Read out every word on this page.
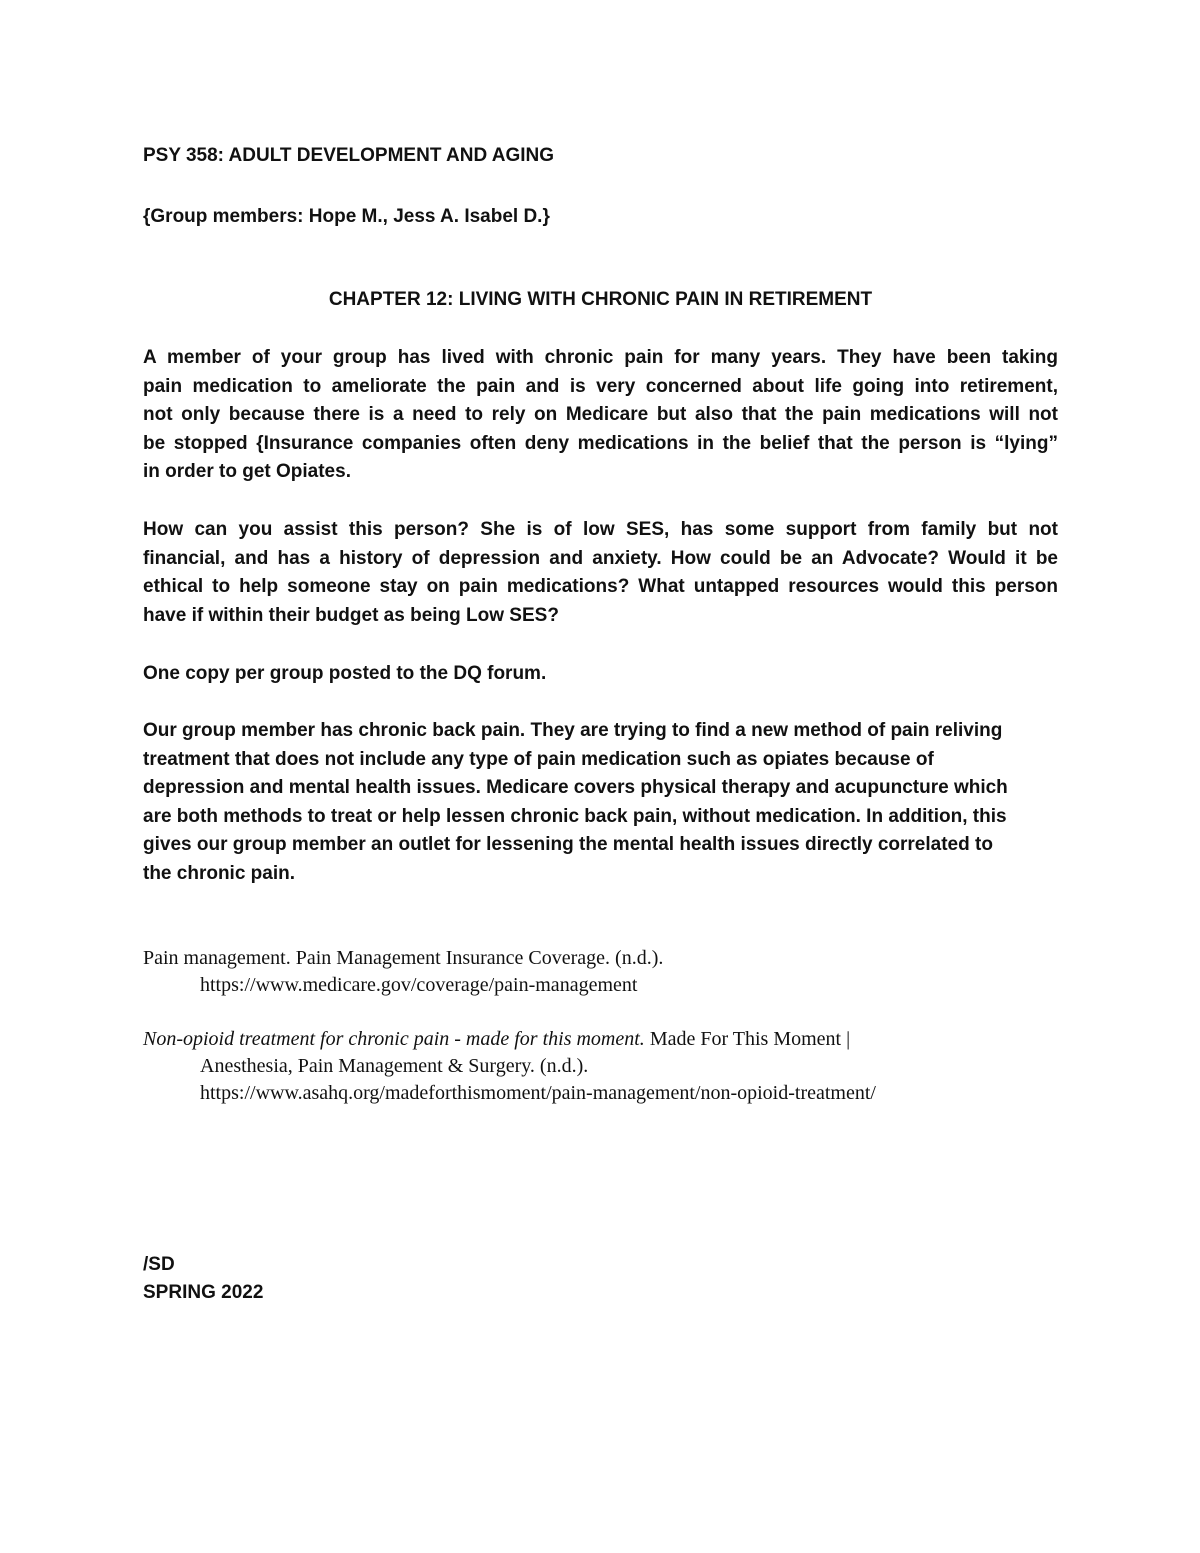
PSY 358: ADULT DEVELOPMENT AND AGING
{Group members: Hope M., Jess A. Isabel D.}
CHAPTER 12: LIVING WITH CHRONIC PAIN IN RETIREMENT
A member of your group has lived with chronic pain for many years. They have been taking
pain medication to ameliorate the pain and is very concerned about life going into retirement,
not only because there is a need to rely on Medicare but also that the pain medications will not
be stopped {Insurance companies often deny medications in the belief that the person is “lying”
in order to get Opiates.
How can you assist this person? She is of low SES, has some support from family but not
financial, and has a history of depression and anxiety. How could be an Advocate? Would it be
ethical to help someone stay on pain medications? What untapped resources would this person
have if within their budget as being Low SES?
One copy per group posted to the DQ forum.
Our group member has chronic back pain. They are trying to find a new method of pain reliving
treatment that does not include any type of pain medication such as opiates because of
depression and mental health issues. Medicare covers physical therapy and acupuncture which
are both methods to treat or help lessen chronic back pain, without medication. In addition, this
gives our group member an outlet for lessening the mental health issues directly correlated to
the chronic pain.
Pain management. Pain Management Insurance Coverage. (n.d.).
https://www.medicare.gov/coverage/pain-management
Non-opioid treatment for chronic pain - made for this moment. Made For This Moment |
Anesthesia, Pain Management & Surgery. (n.d.).
https://www.asahq.org/madeforthismoment/pain-management/non-opioid-treatment/
/SD
SPRING 2022
